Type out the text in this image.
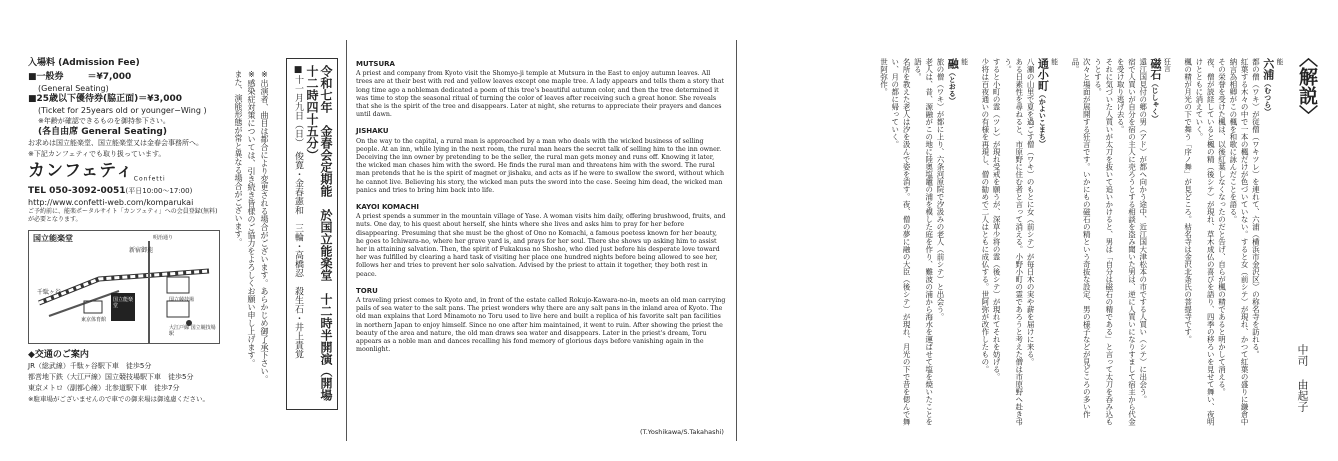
入場料 (Admission Fee)
■一般券	＝¥7,000
(General Seating)
■25歳以下優待券(脇正面)＝¥3,000
(Ticket for 25years old or younger−Wing )
※年齢が確認できるものを御持参下さい。
(各自由席 General Seating)
お求めは国立能楽堂、国立能楽堂又は金春会事務所へ。
※下記カンフェティでも取り扱っています。
カンフェティ$_{Confetti}$
TEL 050-3092-0051(平日10:00～17:00)
http://www.confetti-web.com/komparukai
ご予約前に、能楽ポータルサイト「カンフェティ」への会員登録(無料)が必要となります。
国立能楽堂
新宿御苑
国立能楽堂
千駄ヶ谷
大江戸線 国立競技場駅
国立競技場
明治通り
東京体育館
◆交通のご案内
JR（総武線）千駄ヶ谷駅下車　徒歩5分
都営地下鉄（大江戸線）国立競技場駅下車　徒歩5分
東京メトロ（副都心線）北参道駅下車　徒歩7分
※駐車場がございませんので車での御来場は御遠慮ください。
※出演者、曲目は都合により変更される場合がございます。あらかじめ御了承下さい。
※感染症対策については、引き続き皆様のご協力をよろしくお願い申し上げます。
また、演能形態が常と異なる場合がございます。	令和七年　金春会定期能　於国立能楽堂　十二時半開演（開場十二時四十五分）
■十一月九日（日）　俊寛・金春憲和　三輪・高橋忍　殺生石・井上貴覚
MUTSURA

A priest and company from Kyoto visit the Shomyo-ji temple at Mutsura in the East to enjoy autumn leaves. All trees are at their best with red and yellow leaves except one maple tree. A lady appears and tells them a story that long time ago a nobleman dedicated a poem of this tree's beautiful autumn color, and then the tree determined it was time to stop the seasonal ritual of turning the color of leaves after receiving such a great honor. She reveals that she is the spirit of the tree and disappears. Later at night, she returns to appreciate their prayers and dances until dawn.

JISHAKU

On the way to the capital, a rural man is approached by a man who deals with the wicked business of selling people. At an inn, while lying in the next room, the rural man hears the secret talk of selling him to the inn owner. Deceiving the inn owner by pretending to be the seller, the rural man gets money and runs off. Knowing it later, the wicked man chases him with the sword. He finds the rural man and threatens him with the sword. The rural man pretends that he is the spirit of magnet or jishaku, and acts as if he were to swallow the sword, without which he cannot live. Believing his story, the wicked man puts the sword into the case. Seeing him dead, the wicked man panics and tries to bring him back into life.

KAYOI KOMACHI

A priest spends a summer in the mountain village of Yase. A woman visits him daily, offering brushwood, fruits, and nuts. One day, to his quest about herself, she hints where she lives and asks him to pray for her before disappearing. Presuming that she must be the ghost of Ono no Komachi, a famous poetess known for her beauty, he goes to Ichiwara-no, where her grave yard is, and prays for her soul. There she shows up asking him to assist her in attaining salvation. Then, the spirit of Fukakusa no Shosho, who died just before his desperate love toward her was fulfilled by clearing a hard task of visiting her place one hundred nights before being allowed to see her, follows her and tries to prevent her solo salvation. Advised by the priest to attain it together, they both rest in peace.

TORU

A traveling priest comes to Kyoto and, in front of the estate called Rokujo-Kawara-no-in, meets an old man carrying pails of sea water to the salt pans. The priest wonders why there are any salt pans in the inland area of Kyoto. The old man explains that Lord Minamoto no Toru used to live here and built a replica of his favorite salt pan facilities in northern Japan to enjoy himself. Since no one after him maintained, it went to ruin. After showing the priest the beauty of the area and nature, the old man draws sea water and disappears. Later in the priest's dream, Toru appears as a noble man and dances recalling his fond memory of glorious days before vanishing again in the moonlight.

(T.Yoshikawa/S.Takahashi)
能
六浦（むつら）
都の僧（ワキ）が従僧（ワキツレ）を連れて、六浦（横浜市金沢区）の称名寺を訪れる。
紅葉する木々の中で一本の楓だけが色づいていない。すると女（前シテ）が現れ、かつて紅葉の盛りに鎌倉中納言為相卿がこの楓を和歌に詠んだことを語る。
その栄誉を受けた楓は、以後紅葉しなくなったのだと告げ、自らが楓の精であると明かして消える。
夜、僧が読経していると楓の精（後シテ）が現れ、草木成仏の喜びを語り、四季の移ろいを見せて舞い、夜明けとともに消えていく。
楓の精が月光の下で舞う「序ノ舞」が見どころ。枯名寺は金沢北条氏の菩提寺です。
狂言
磁石（じしゃく）
遠江国見付の郷の男（アド）が都へ向かう途中、近江国大津松本の市でする人買い（シテ）に出会う。
宿で人買いが自分を宿の主人に売ろうとする相談を盗み聞いた男は、逆に人買いになりすまして宿主から代金を受け取り逃げ去る。
それに気づいた人買いが太刀を抜いて追いかけると、男は「自分は磁石の精である」と言って太刀を呑み込もうとする。
次々と場面が展開する狂言です。いかにもの磁石の精という奇抜な設定、男の様子などが見どころの多い作品。
能
通小町（かよいこまち）
八瀬の山里で夏を過ごす僧（ワキ）のもとに女（前シテ）が毎日木の実や薪を届けに来る。
ある日素性を尋ねると、市原野に住む者と言って消える。小野小町の霊であろうと考えた僧は市原野へ赴き弔う。
すると小町の霊（ツレ）が現れ受戒を願うが、深草少将の霊（後シテ）が現れてそれを妨げる。
少将は百夜通いの有様を再現し、僧の勧めで二人はともに成仏する。世阿弥が改作したもの。
能
融（とおる）
旅の僧（ワキ）が都に上り、六条河原院で汐汲みの老人（前シテ）と出会う。
老人は、昔、源融がこの地に陸奥塩竈の浦を模した庭を作り、難波の浦から海水を運ばせて塩を焼いたことを語る。
名所を教えた老人は汐を汲んで姿を消す。夜、僧の夢に融の大臣（後シテ）が現れ、月光の下で昔を偲んで舞い、月の都に帰っていく。
世阿弥作。	〈解説〉
中司 由起子
